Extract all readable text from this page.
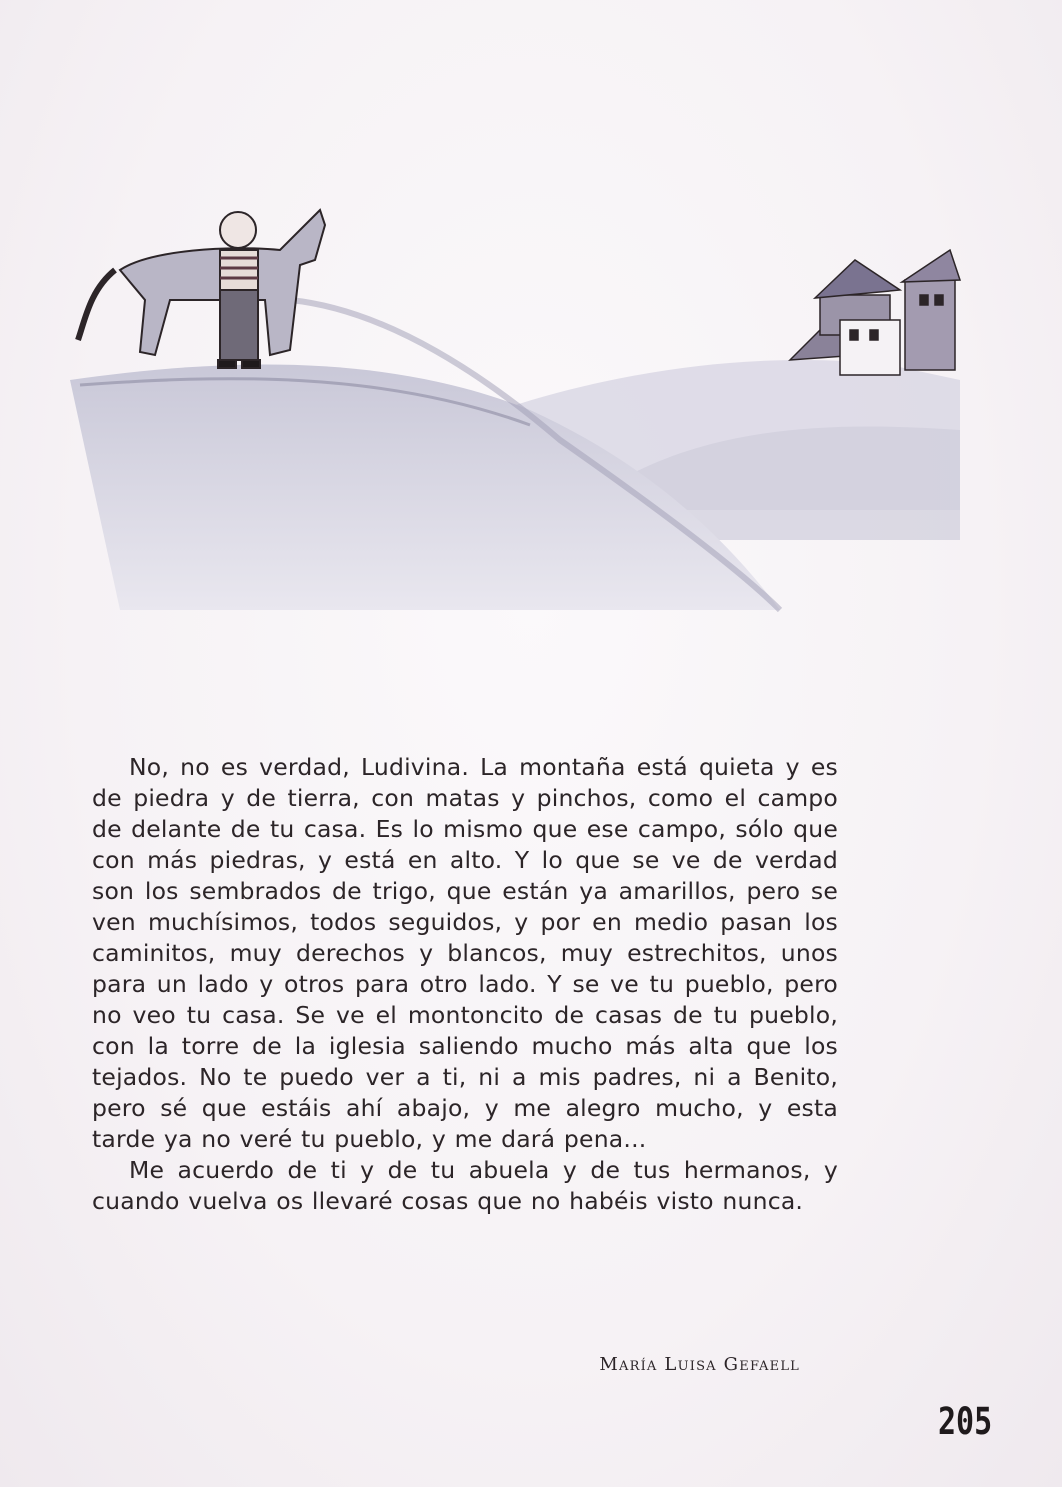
No, no es verdad, Ludivina. La montaña está quieta y es de piedra y de tierra, con matas y pinchos, como el campo de delante de tu casa. Es lo mismo que ese campo, sólo que con más piedras, y está en alto. Y lo que se ve de verdad son los sembrados de trigo, que están ya amarillos, pero se ven muchísimos, todos seguidos, y por en medio pasan los caminitos, muy derechos y blancos, muy estrechitos, unos para un lado y otros para otro lado. Y se ve tu pueblo, pero no veo tu casa. Se ve el montoncito de casas de tu pueblo, con la torre de la iglesia saliendo mucho más alta que los tejados. No te puedo ver a ti, ni a mis padres, ni a Benito, pero sé que estáis ahí abajo, y me alegro mucho, y esta tarde ya no veré tu pueblo, y me dará pena...

Me acuerdo de ti y de tu abuela y de tus hermanos, y cuando vuelva os llevaré cosas que no habéis visto nunca.

María Luisa Gefaell
205
